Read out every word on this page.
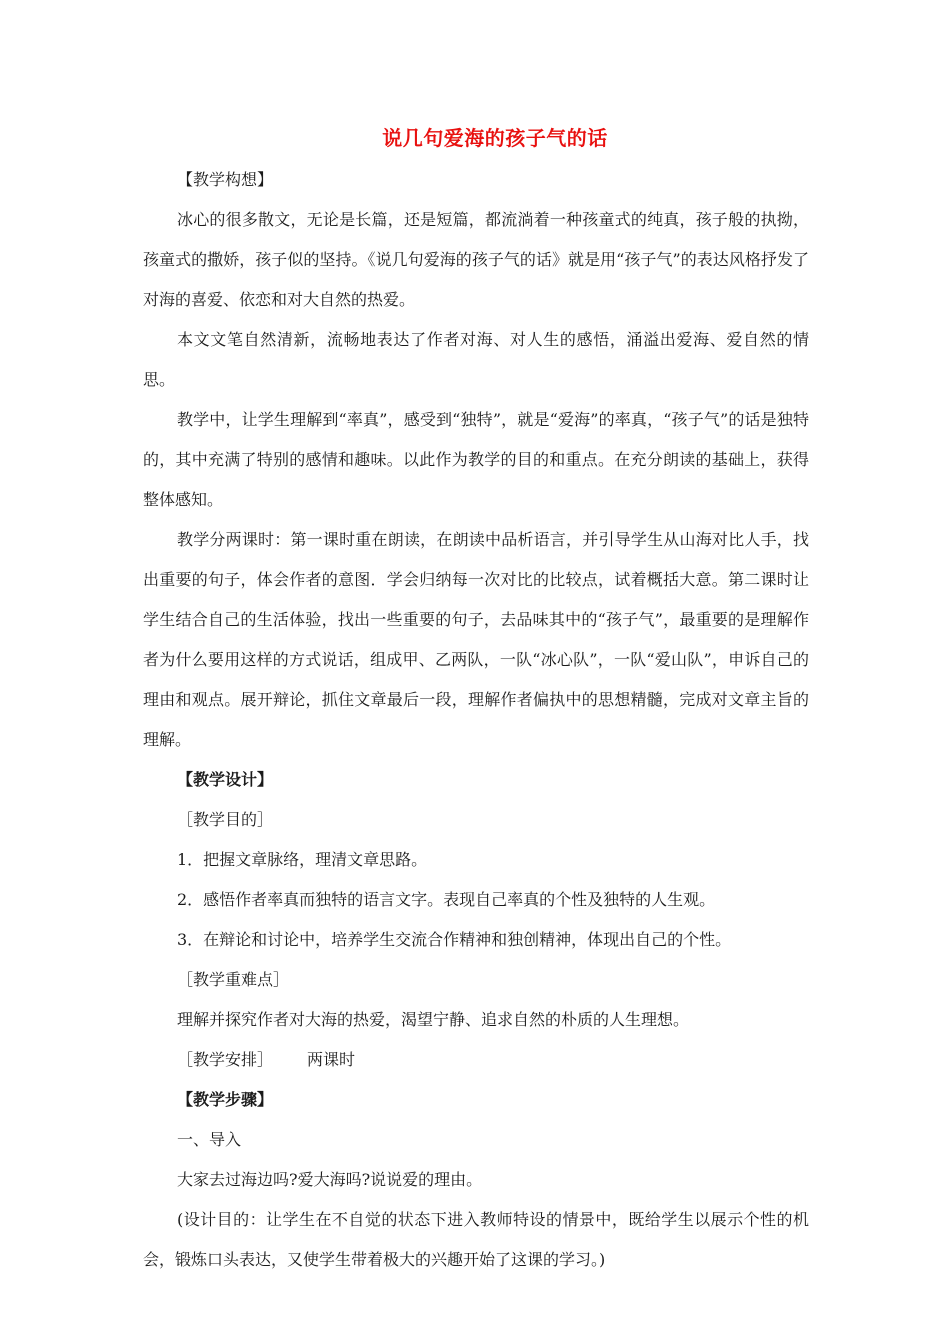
说几句爱海的孩子气的话

【教学构想】

冰心的很多散文，无论是长篇，还是短篇，都流淌着一种孩童式的纯真，孩子般的执拗，孩童式的撒娇，孩子似的坚持。《说几句爱海的孩子气的话》就是用“孩子气”的表达风格抒发了对海的喜爱、依恋和对大自然的热爱。

本文文笔自然清新，流畅地表达了作者对海、对人生的感悟，涌溢出爱海、爱自然的情思。

教学中，让学生理解到“率真”，感受到“独特”，就是“爱海”的率真，“孩子气”的话是独特的，其中充满了特别的感情和趣味。以此作为教学的目的和重点。在充分朗读的基础上，获得整体感知。

教学分两课时：第一课时重在朗读，在朗读中品析语言，并引导学生从山海对比人手，找出重要的句子，体会作者的意图．学会归纳每一次对比的比较点，试着概括大意。第二课时让学生结合自己的生活体验，找出一些重要的句子，去品味其中的“孩子气”，最重要的是理解作者为什么要用这样的方式说话，组成甲、乙两队，一队“冰心队”，一队“爱山队”，申诉自己的理由和观点。展开辩论，抓住文章最后一段，理解作者偏执中的思想精髓，完成对文章主旨的理解。

【教学设计】

［教学目的］

1．把握文章脉络，理清文章思路。

2．感悟作者率真而独特的语言文字。表现自己率真的个性及独特的人生观。

3．在辩论和讨论中，培养学生交流合作精神和独创精神，体现出自己的个性。

［教学重难点］

理解并探究作者对大海的热爱，渴望宁静、追求自然的朴质的人生理想。

［教学安排］ 两课时

【教学步骤】

一、导入

大家去过海边吗?爱大海吗?说说爱的理由。

(设计目的：让学生在不自觉的状态下进入教师特设的情景中，既给学生以展示个性的机会，锻炼口头表达，又使学生带着极大的兴趣开始了这课的学习。)
